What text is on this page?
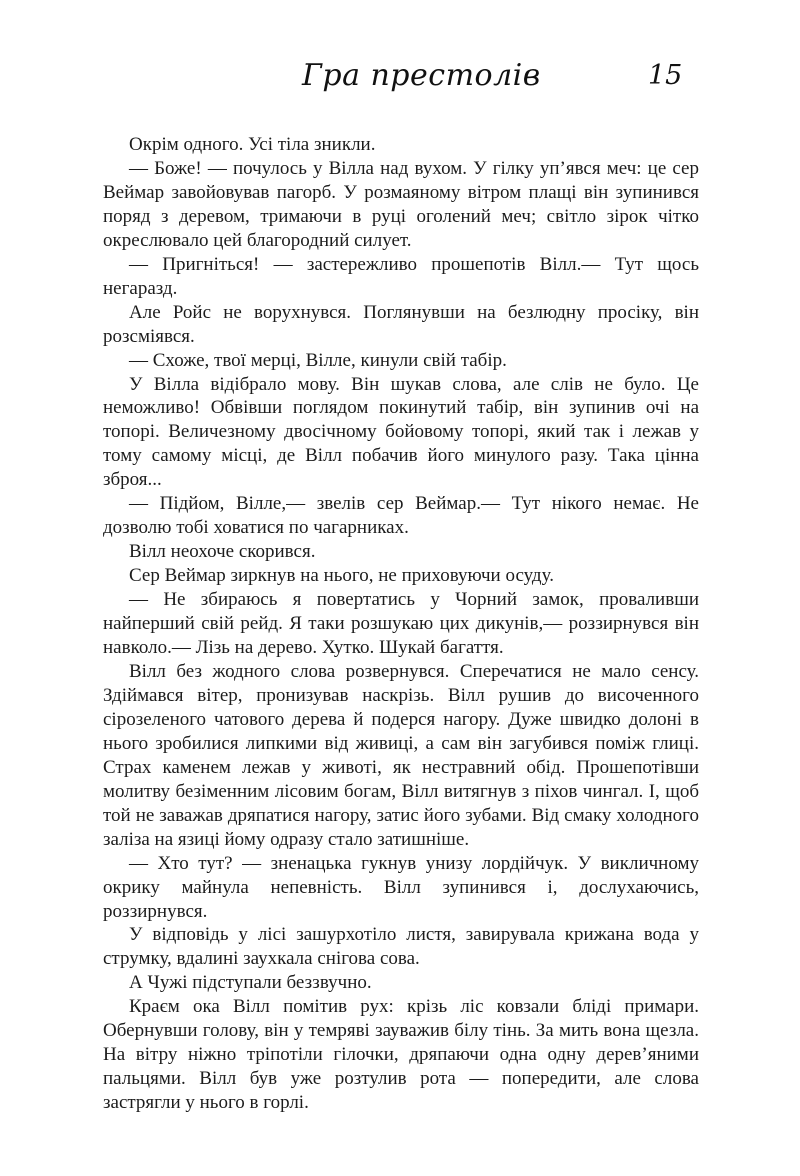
Гра престолів	15

Окрім одного. Усі тіла зникли.

— Боже! — почулось у Вілла над вухом. У гілку уп’явся меч: це сер Веймар завойовував пагорб. У розмаяному вітром плащі він зупинився поряд з деревом, тримаючи в руці оголений меч; світло зірок чітко окреслювало цей благородний силует.

— Пригніться! — застережливо прошепотів Вілл.— Тут щось негаразд.

Але Ройс не ворухнувся. Поглянувши на безлюдну просіку, він розсміявся.

— Схоже, твої мерці, Вілле, кинули свій табір.

У Вілла відібрало мову. Він шукав слова, але слів не було. Це неможливо! Обвівши поглядом покинутий табір, він зупинив очі на топорі. Величезному двосічному бойовому топорі, який так і лежав у тому самому місці, де Вілл побачив його минулого разу. Така цінна зброя...

— Підйом, Вілле,— звелів сер Веймар.— Тут нікого немає. Не дозволю тобі ховатися по чагарниках.

Вілл неохоче скорився.

Сер Веймар зиркнув на нього, не приховуючи осуду.

— Не збираюсь я повертатись у Чорний замок, проваливши найперший свій рейд. Я таки розшукаю цих дикунів,— роззирнувся він навколо.— Лізь на дерево. Хутко. Шукай багаття.

Вілл без жодного слова розвернувся. Сперечатися не мало сенсу. Здіймався вітер, пронизував наскрізь. Вілл рушив до височенного сірозеленого чатового дерева й подерся нагору. Дуже швидко долоні в нього зробилися липкими від живиці, а сам він загубився поміж глиці. Страх каменем лежав у животі, як нестравний обід. Прошепотівши молитву безіменним лісовим богам, Вілл витягнув з піхов чингал. І, щоб той не заважав дряпатися нагору, затис його зубами. Від смаку холодного заліза на язиці йому одразу стало затишніше.

— Хто тут? — зненацька гукнув унизу лордійчук. У викличному окрику майнула непевність. Вілл зупинився і, дослухаючись, роззирнувся.

У відповідь у лісі зашурхотіло листя, завирувала крижана вода у струмку, вдалині заухкала снігова сова.

А Чужі підступали беззвучно.

Краєм ока Вілл помітив рух: крізь ліс ковзали бліді примари. Обернувши голову, він у темряві зауважив білу тінь. За мить вона щезла. На вітру ніжно тріпотіли гілочки, дряпаючи одна одну дерев’яними пальцями. Вілл був уже розтулив рота — попередити, але слова застрягли у нього в горлі.
